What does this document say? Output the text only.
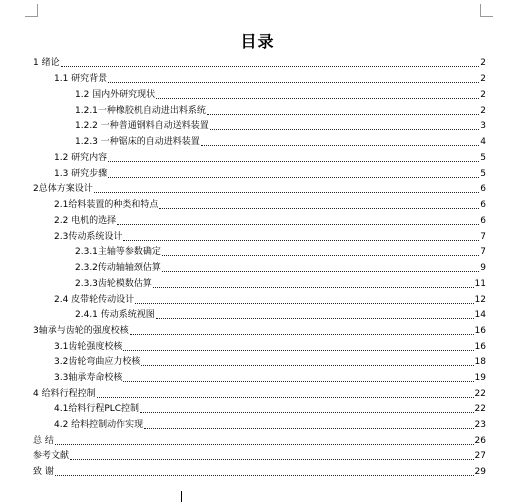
目录
1 绪论	2
1.1 研究背景	2
1.2 国内外研究现状	2
1.2.1一种橡胶机自动进出料系统	2
1.2.2 一种普通钢料自动送料装置	3
1.2.3 一种锯床的自动进料装置	4
1.2 研究内容	5
1.3 研究步骤	5
2总体方案设计	6
2.1给料装置的种类和特点	6
2.2 电机的选择	6
2.3传动系统设计	7
2.3.1主轴等参数确定	7
2.3.2传动轴轴颈估算	9
2.3.3齿轮模数估算	11
2.4 皮带轮传动设计	12
2.4.1 传动系统视图	14
3轴承与齿轮的强度校核	16
3.1齿轮强度校核	16
3.2齿轮弯曲应力校核	18
3.3轴承寿命校核	19
4 给料行程控制	22
4.1给料行程PLC控制	22
4.2 给料控制动作实现	23
总 结	26
参考文献	27
致 谢	29
